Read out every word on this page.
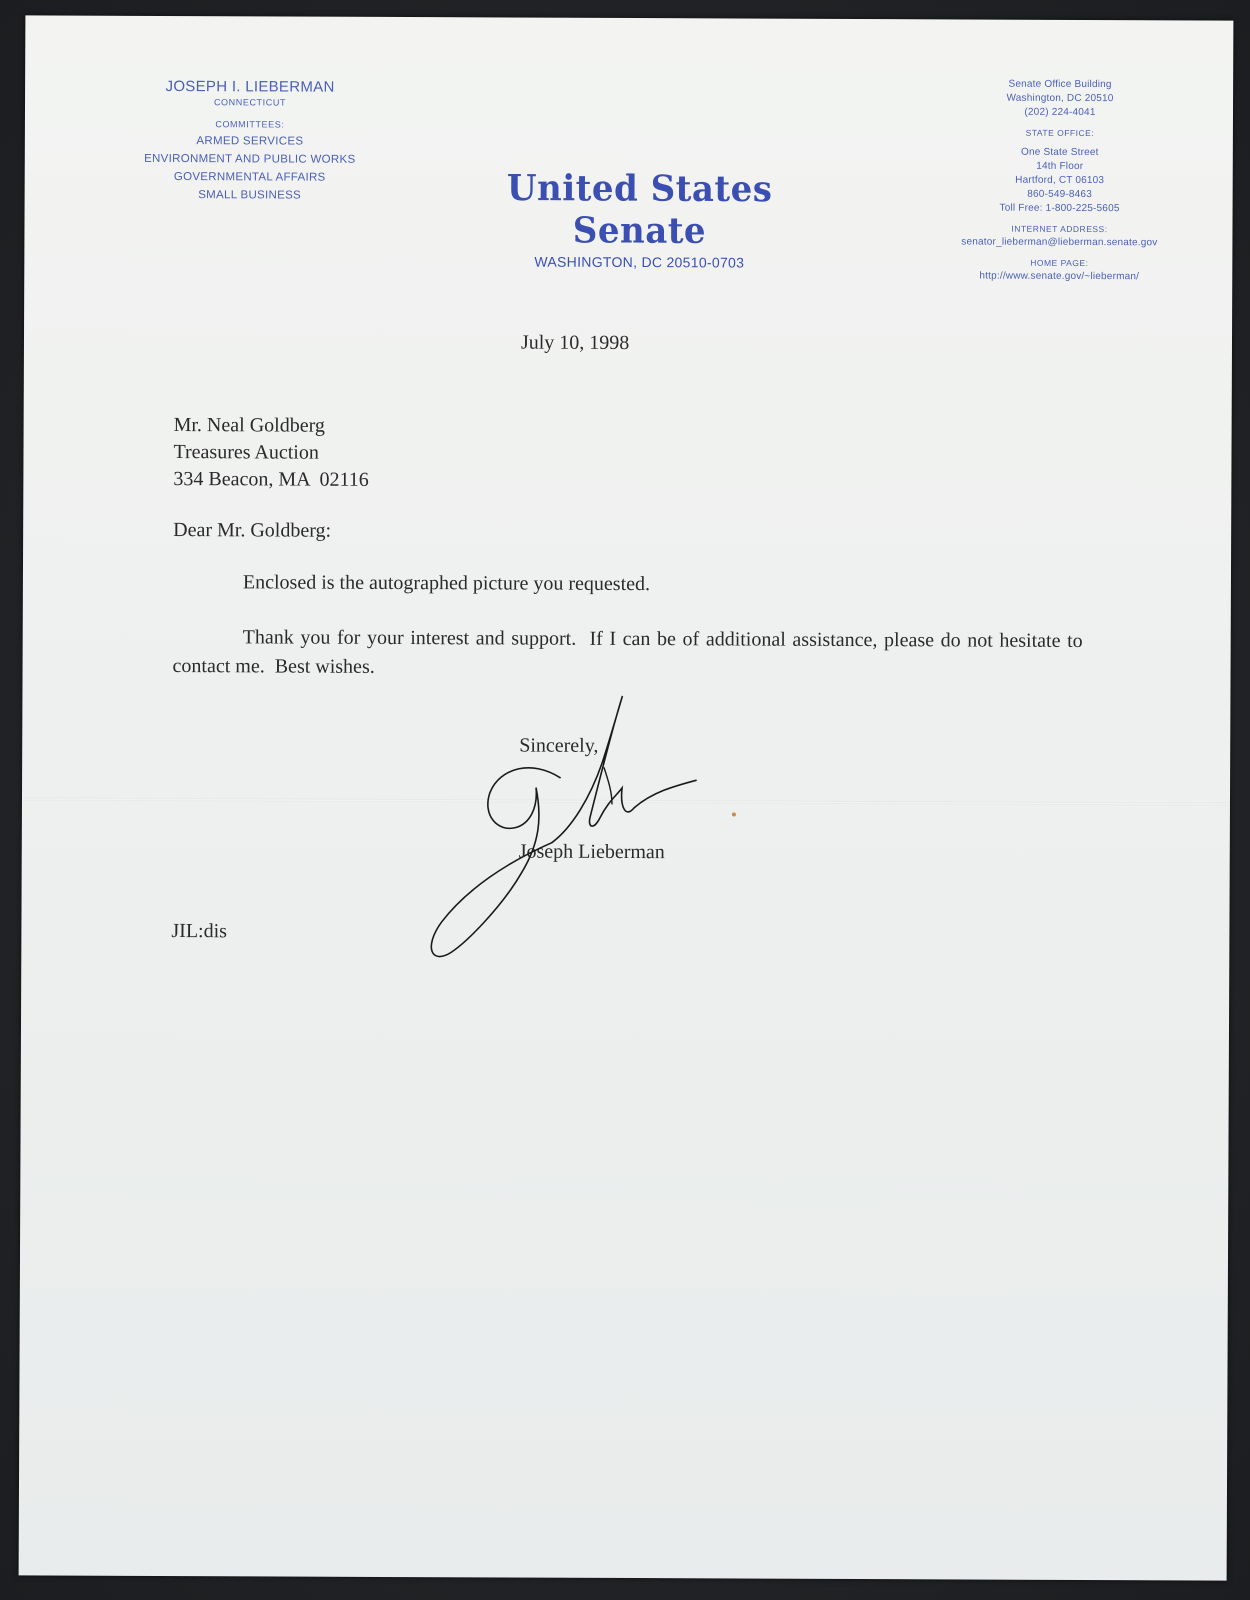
JOSEPH I. LIEBERMAN
CONNECTICUT
COMMITTEES:
ARMED SERVICES
ENVIRONMENT AND PUBLIC WORKS
GOVERNMENTAL AFFAIRS
SMALL BUSINESS	United States Senate
WASHINGTON, DC 20510-0703
Senate Office Building
Washington, DC 20510
(202) 224-4041
STATE OFFICE:
One State Street
14th Floor
Hartford, CT 06103
860-549-8463
Toll Free: 1-800-225-5605
INTERNET ADDRESS:
senator_lieberman@lieberman.senate.gov
HOME PAGE:
http://www.senate.gov/~lieberman/
July 10, 1998
Mr. Neal Goldberg
Treasures Auction
334 Beacon, MA  02116
Dear Mr. Goldberg:
Enclosed is the autographed picture you requested.
Thank you for your interest and support.  If I can be of additional assistance, please do not hesitate to contact me.  Best wishes.
Sincerely,
Joseph Lieberman
JIL:dis
